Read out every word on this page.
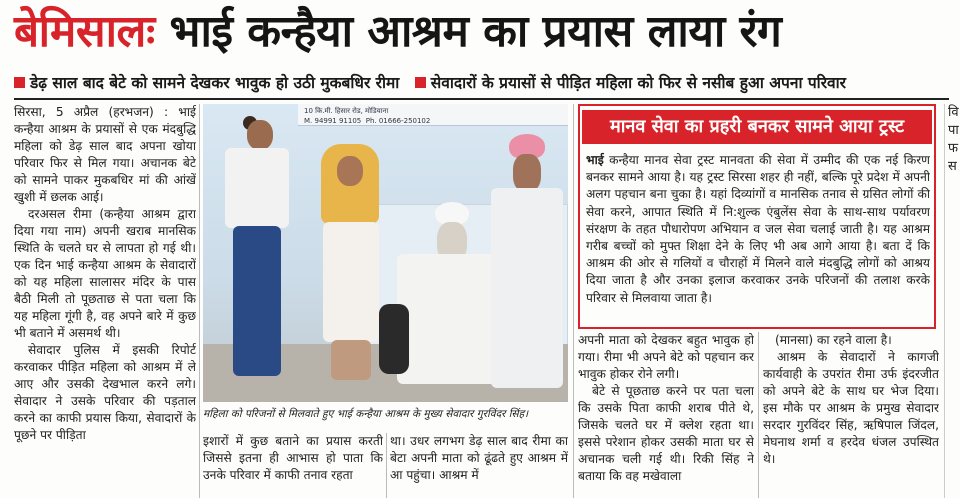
बेमिसालः भाई कन्हैया आश्रम का प्रयास लाया रंग
डेढ़ साल बाद बेटे को सामने देखकर भावुक हो उठी मुकबधिर रीमा सेवादारों के प्रयासों से पीड़ित महिला को फिर से नसीब हुआ अपना परिवार

सिरसा, 5 अप्रैल (हरभजन) : भाई कन्हैया आश्रम के प्रयासों से एक मंदबुद्धि महिला को डेढ़ साल बाद अपना खोया परिवार फिर से मिल गया। अचानक बेटे को सामने पाकर मुकबधिर मां की आंखें खुशी में छलक आई।

दरअसल रीमा (कन्हैया आश्रम द्वारा दिया गया नाम) अपनी खराब मानसिक स्थिति के चलते घर से लापता हो गई थी। एक दिन भाई कन्हैया आश्रम के सेवादारों को यह महिला सालासर मंदिर के पास बैठी मिली तो पूछताछ से पता चला कि यह महिला गूंगी है, वह अपने बारे में कुछ भी बताने में असमर्थ थी।

सेवादार पुलिस में इसकी रिपोर्ट करवाकर पीड़ित महिला को आश्रम में ले आए और उसकी देखभाल करने लगे। सेवादार ने उसके परिवार की पड़ताल करने का काफी प्रयास किया, सेवादारों के पूछने पर पीड़िता

10 कि.मी. हिसार रोड, मोडियाना
M. 94991 91105 Ph. 01666-250102
महिला को परिजनों से मिलवाते हुए भाई कन्हैया आश्रम के मुख्य सेवादार गुरविंदर सिंह।
इशारों में कुछ बताने का प्रयास करती जिससे इतना ही आभास हो पाता कि उनके परिवार में काफी तनाव रहता
था। उधर लगभग डेढ़ साल बाद रीमा का बेटा अपनी माता को ढूंढते हुए आश्रम में आ पहुंचा। आश्रम में
मानव सेवा का प्रहरी बनकर सामने आया ट्रस्ट
भाई कन्हैया मानव सेवा ट्रस्ट मानवता की सेवा में उम्मीद की एक नई किरण बनकर सामने आया है। यह ट्रस्ट सिरसा शहर ही नहीं, बल्कि पूरे प्रदेश में अपनी अलग पहचान बना चुका है। यहां दिव्यांगों व मानसिक तनाव से ग्रसित लोगों की सेवा करने, आपात स्थिति में नि:शुल्क एंबुलेंस सेवा के साथ-साथ पर्यावरण संरक्षण के तहत पौधारोपण अभियान व जल सेवा चलाई जाती है। यह आश्रम गरीब बच्चों को मुफ्त शिक्षा देने के लिए भी अब आगे आया है। बता दें कि आश्रम की ओर से गलियों व चौराहों में मिलने वाले मंदबुद्धि लोगों को आश्रय दिया जाता है और उनका इलाज करवाकर उनके परिजनों की तलाश करके परिवार से मिलवाया जाता है।

अपनी माता को देखकर बहुत भावुक हो गया। रीमा भी अपने बेटे को पहचान कर भावुक होकर रोने लगी।

बेटे से पूछताछ करने पर पता चला कि उसके पिता काफी शराब पीते थे, जिसके चलते घर में क्लेश रहता था। इससे परेशान होकर उसकी माता घर से अचानक चली गई थी। रिकी सिंह ने बताया कि वह मखेवाला

(मानसा) का रहने वाला है।

आश्रम के सेवादारों ने कागजी कार्यवाही के उपरांत रीमा उर्फ इंदरजीत को अपने बेटे के साथ घर भेज दिया। इस मौके पर आश्रम के प्रमुख सेवादार सरदार गुरविंदर सिंह, ऋषिपाल जिंदल, मेघनाथ शर्मा व हरदेव धंजल उपस्थित थे।

वि पा फ स
